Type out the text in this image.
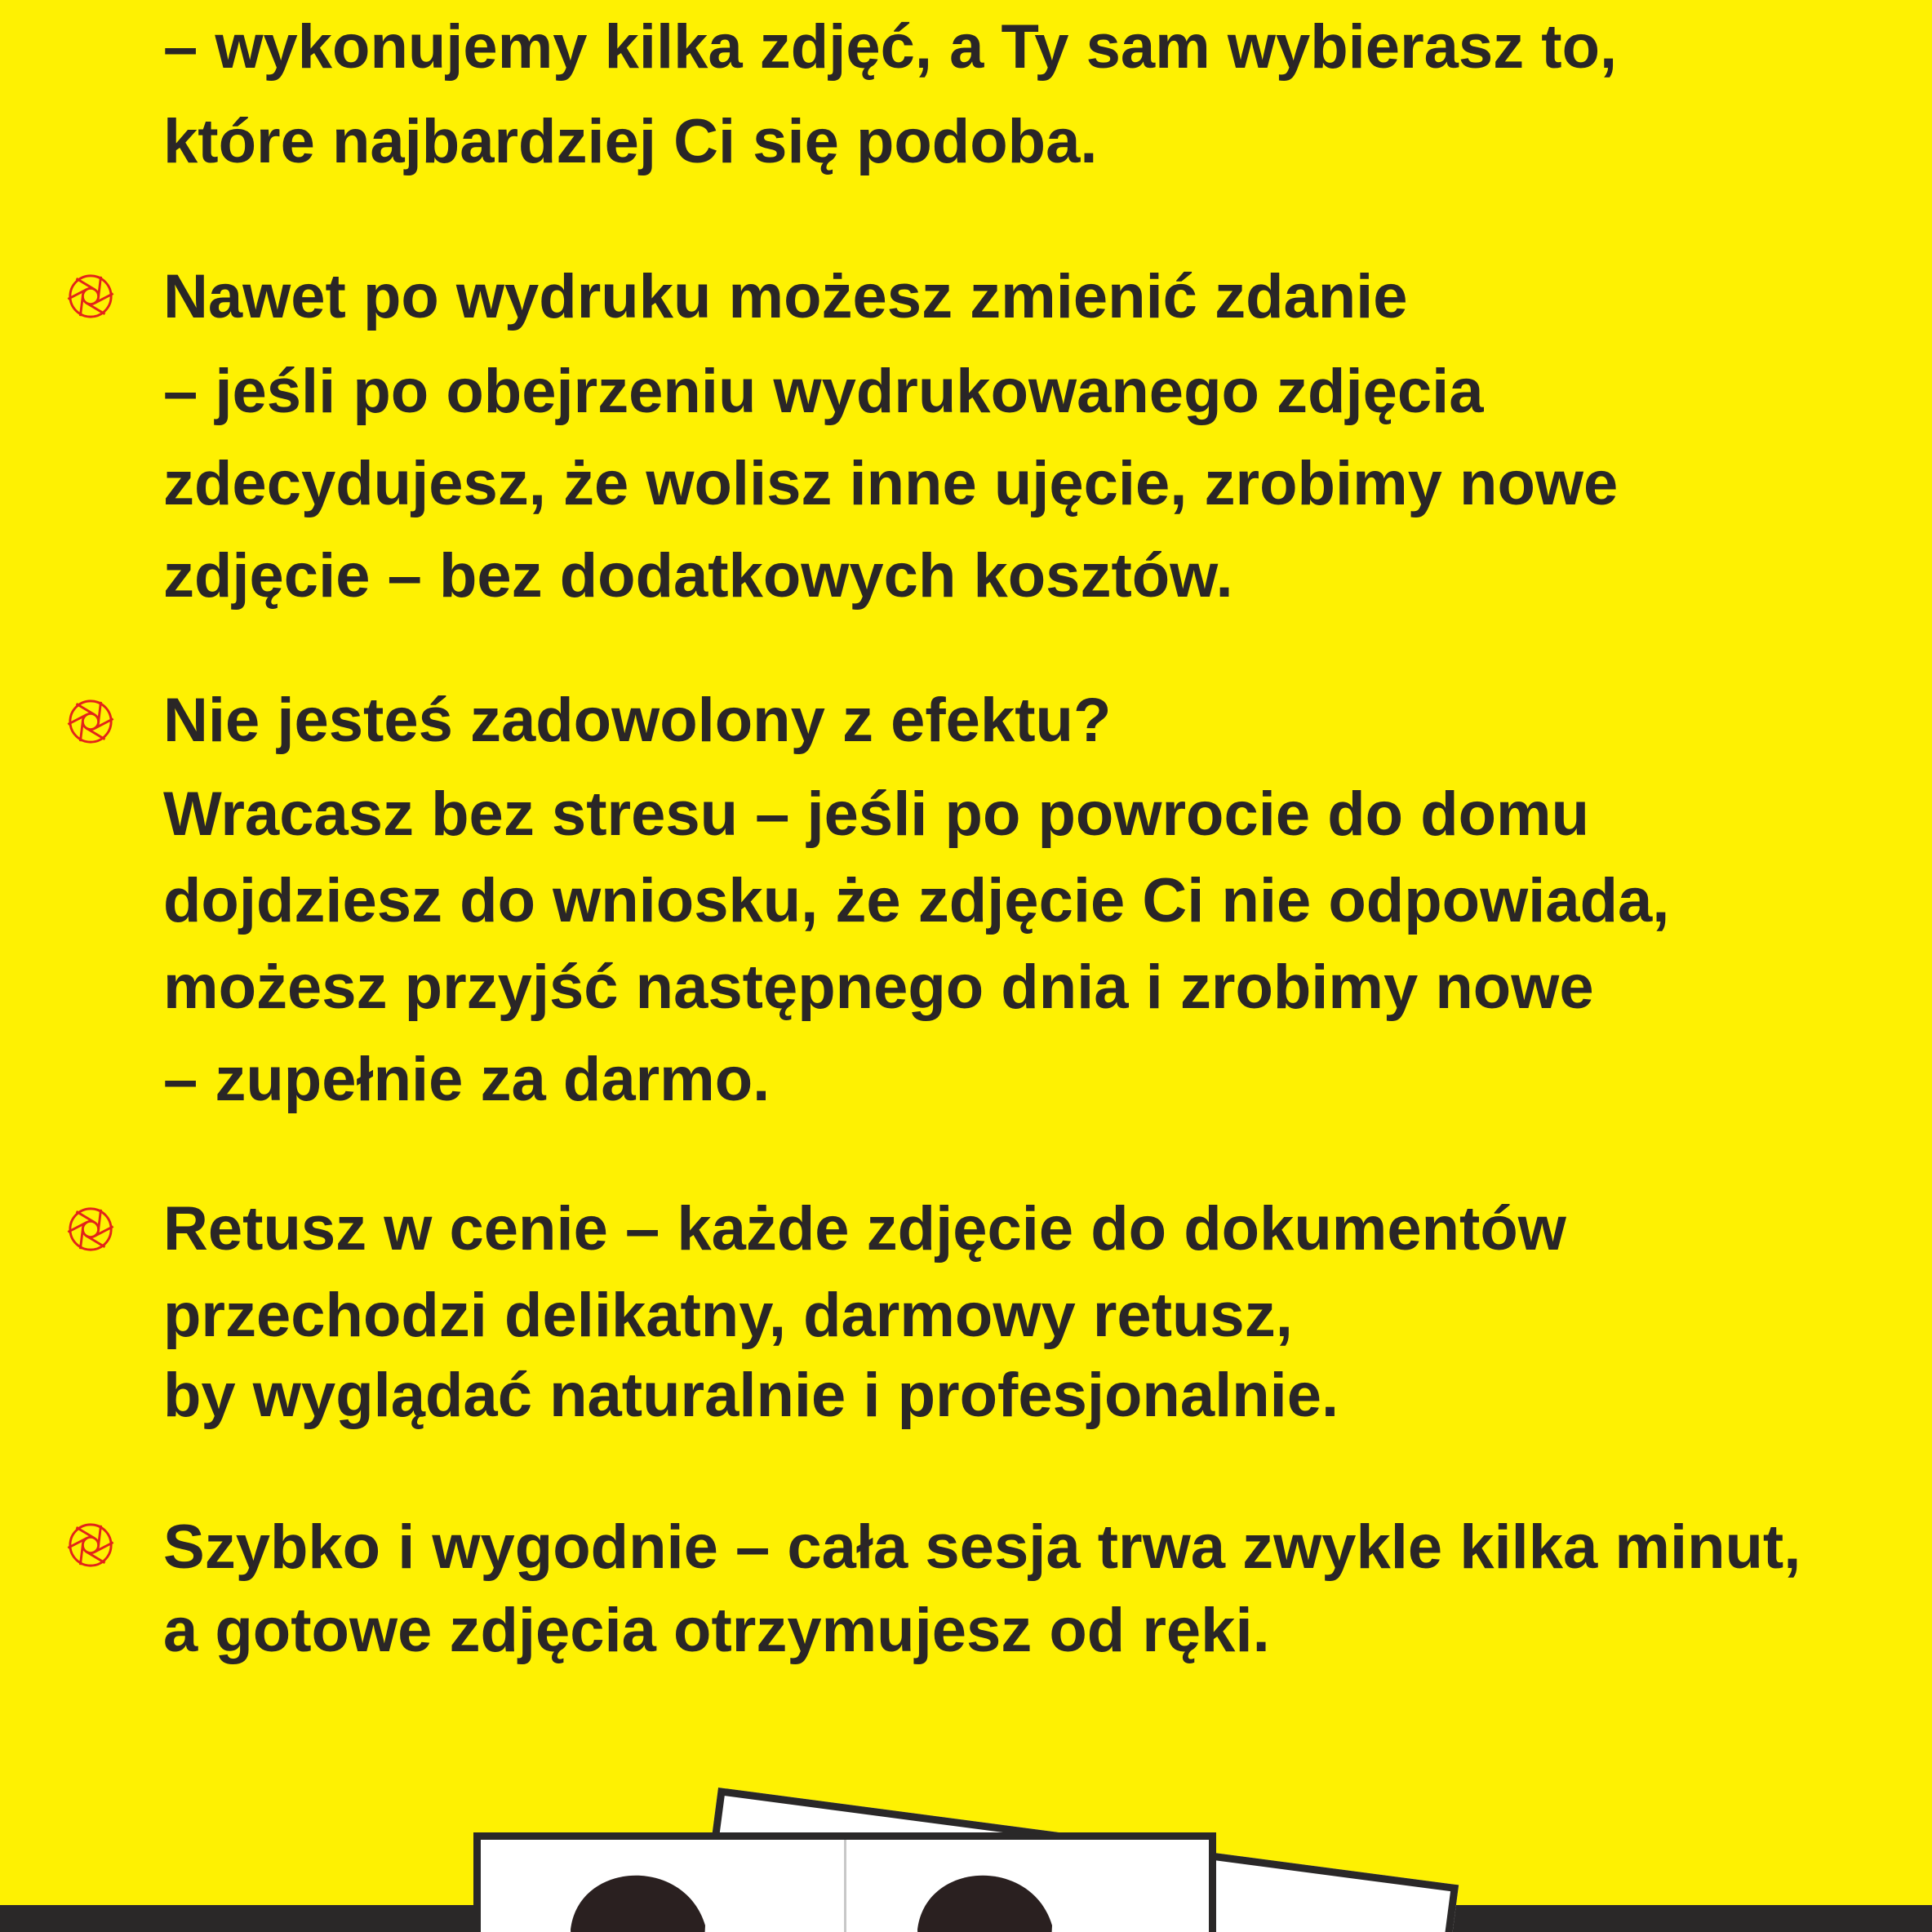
– wykonujemy kilka zdjęć, a Ty sam wybierasz to,

które najbardziej Ci się podoba.

Nawet po wydruku możesz zmienić zdanie

– jeśli po obejrzeniu wydrukowanego zdjęcia

zdecydujesz, że wolisz inne ujęcie, zrobimy nowe

zdjęcie – bez dodatkowych kosztów.

Nie jesteś zadowolony z efektu?

Wracasz bez stresu – jeśli po powrocie do domu

dojdziesz do wniosku, że zdjęcie Ci nie odpowiada,

możesz przyjść następnego dnia i zrobimy nowe

– zupełnie za darmo.

Retusz w cenie – każde zdjęcie do dokumentów

przechodzi delikatny, darmowy retusz,

by wyglądać naturalnie i profesjonalnie.

Szybko i wygodnie – cała sesja trwa zwykle kilka minut,

a gotowe zdjęcia otrzymujesz od ręki.
